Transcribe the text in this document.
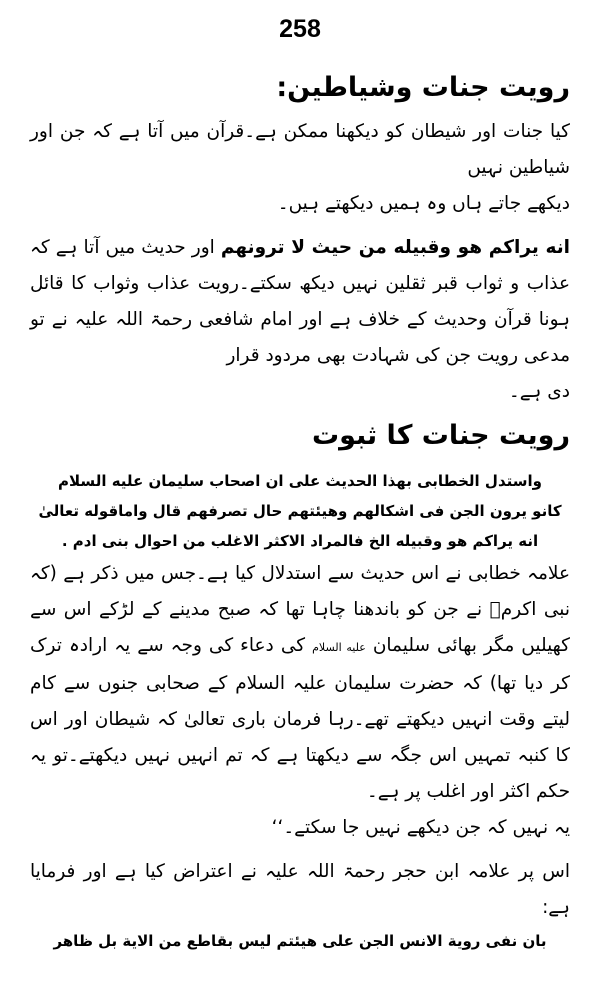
258
رویت جنات وشیاطین:

کیا جنات اور شیطان کو دیکھنا ممکن ہے۔قرآن میں آتا ہے کہ جن اور شیاطین نہیں
دیکھے جاتے ہاں وہ ہمیں دیکھتے ہیں۔

انه یراکم هو وقبیله من حیث لا ترونهم اور حدیث میں آتا ہے کہ عذاب و ثواب قبر ثقلین نہیں دیکھ سکتے۔رویت عذاب وثواب کا قائل ہونا قرآن وحدیث کے خلاف ہے اور امام شافعی رحمۃ اللہ علیہ نے تو مدعی رویت جن کی شہادت بھی مردود قرار
دی ہے۔

رویت جنات کا ثبوت

واستدل الخطابی بهذا الحدیث علی ان اصحاب سلیمان علیه السلام

کانو یرون الجن فی اشکالهم وهیئتهم حال تصرفهم قال واماقوله تعالیٰ

انه یراکم هو وقبیله الخ فالمراد الاکثر الاغلب من احوال بنی ادم .

علامہ خطابی نے اس حدیث سے استدلال کیا ہے۔جس میں ذکر ہے (کہ نبی اکرمؐ نے جن کو باندھنا چاہا تھا کہ صبح مدینے کے لڑکے اس سے کھیلیں مگر بھائی سلیمان علیه السلام کی دعاء کی وجہ سے یہ ارادہ ترک کر دیا تھا) کہ حضرت سلیمان علیہ السلام کے صحابی جنوں سے کام لیتے وقت انہیں دیکھتے تھے۔رہا فرمان باری تعالیٰ کہ شیطان اور اس کا کنبہ تمہیں اس جگہ سے دیکھتا ہے کہ تم انہیں نہیں دیکھتے۔تو یہ حکم اکثر اور اغلب پر ہے۔
یہ نہیں کہ جن دیکھے نہیں جا سکتے۔‘‘

اس پر علامہ ابن حجر رحمۃ اللہ علیہ نے اعتراض کیا ہے اور فرمایا ہے:

بان نفی رویة الانس الجن علی هیئتم لیس بقاطع من الایة بل ظاهر
